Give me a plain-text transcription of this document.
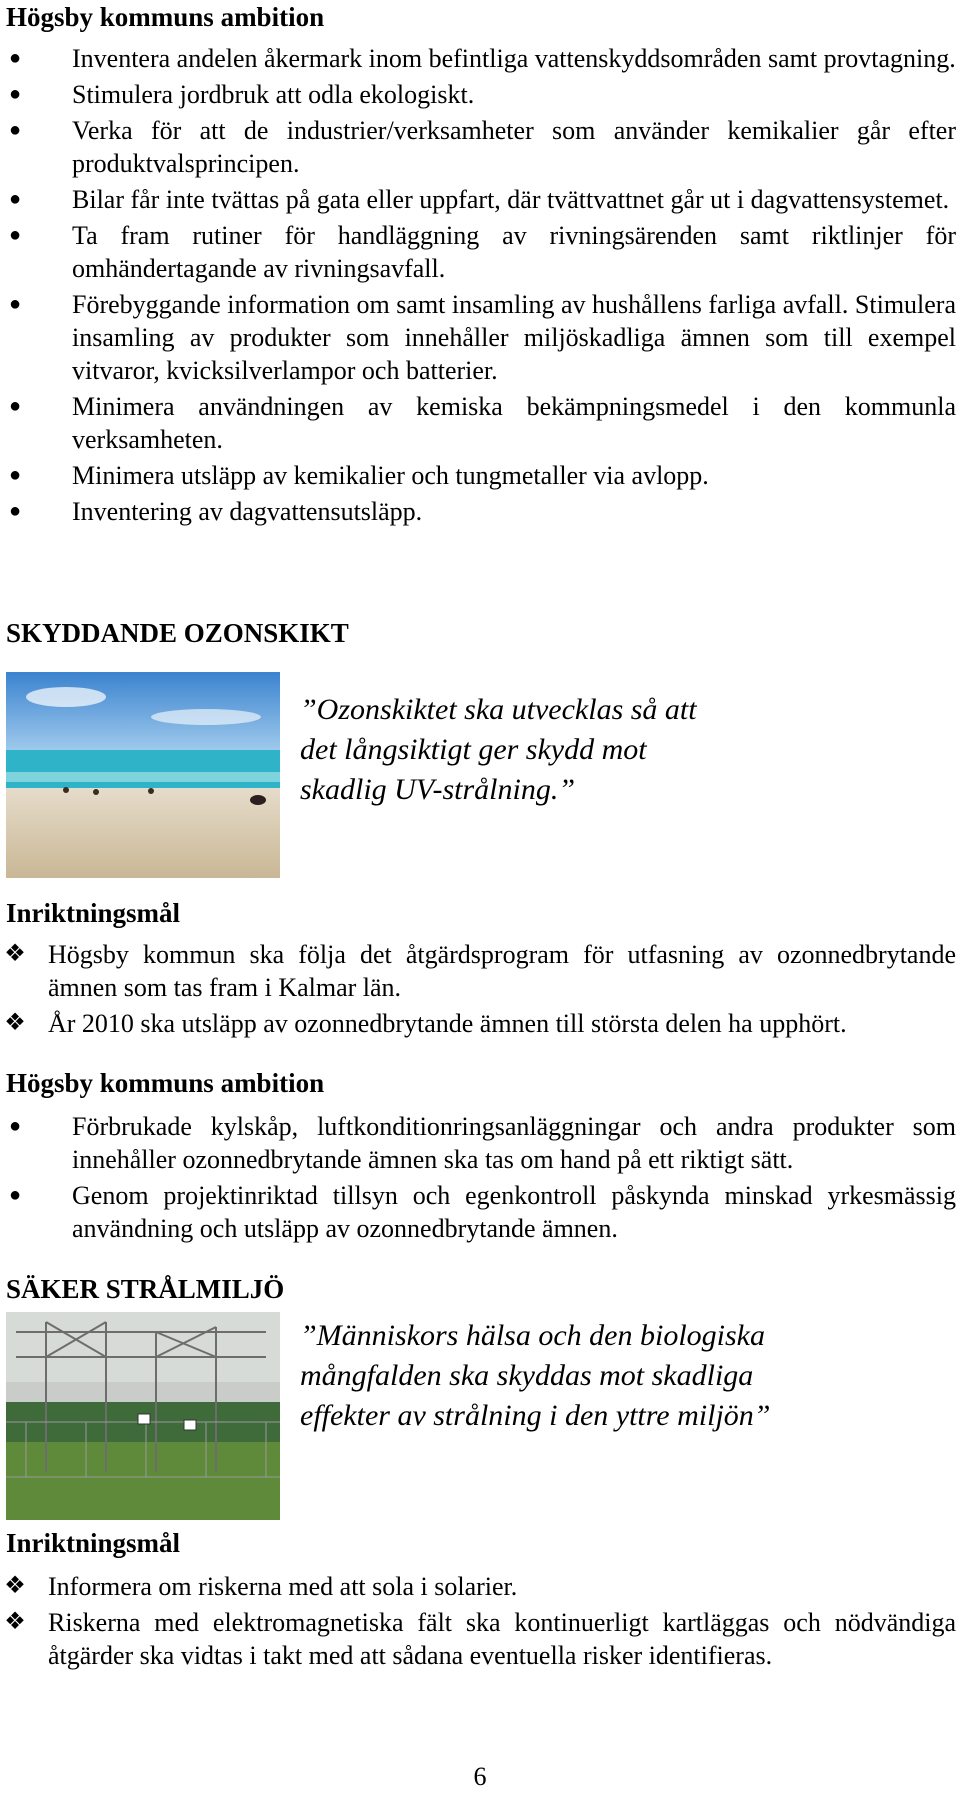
Högsby kommuns ambition
●	Inventera andelen åkermark inom befintliga vattenskyddsområden samt provtagning.
●	Stimulera jordbruk att odla ekologiskt.
●	Verka för att de industrier/verksamheter som använder kemikalier går efter produktvalsprincipen.
●	Bilar får inte tvättas på gata eller uppfart, där tvättvattnet går ut i dagvattensystemet.
●	Ta fram rutiner för handläggning av rivningsärenden samt riktlinjer för omhändertagande av rivningsavfall.
●	Förebyggande information om samt insamling av hushållens farliga avfall. Stimulera insamling av produkter som innehåller miljöskadliga ämnen som till exempel vitvaror, kvicksilverlampor och batterier.
●	Minimera användningen av kemiska bekämpningsmedel i den kommunla verksamheten.
●	Minimera utsläpp av kemikalier och tungmetaller via avlopp.
●	Inventering av dagvattensutsläpp.
SKYDDANDE OZONSKIKT
”Ozonskiktet ska utvecklas så att
det långsiktigt ger skydd mot
skadlig UV-strålning.”
Inriktningsmål
❖ Högsby kommun ska följa det åtgärdsprogram för utfasning av ozonnedbrytande ämnen som tas fram i Kalmar län.
❖ År 2010 ska utsläpp av ozonnedbrytande ämnen till största delen ha upphört.
Högsby kommuns ambition
●	Förbrukade kylskåp, luftkonditionringsanläggningar och andra produkter som innehåller ozonnedbrytande ämnen ska tas om hand på ett riktigt sätt.
●	Genom projektinriktad tillsyn och egenkontroll påskynda minskad yrkesmässig användning och utsläpp av ozonnedbrytande ämnen.
SÄKER STRÅLMILJÖ
”Människors hälsa och den biologiska
mångfalden ska skyddas mot skadliga
effekter av strålning i den yttre miljön”
Inriktningsmål
❖ Informera om riskerna med att sola i solarier.
❖ Riskerna med elektromagnetiska fält ska kontinuerligt kartläggas och nödvändiga åtgärder ska vidtas i takt med att sådana eventuella risker identifieras.
6
